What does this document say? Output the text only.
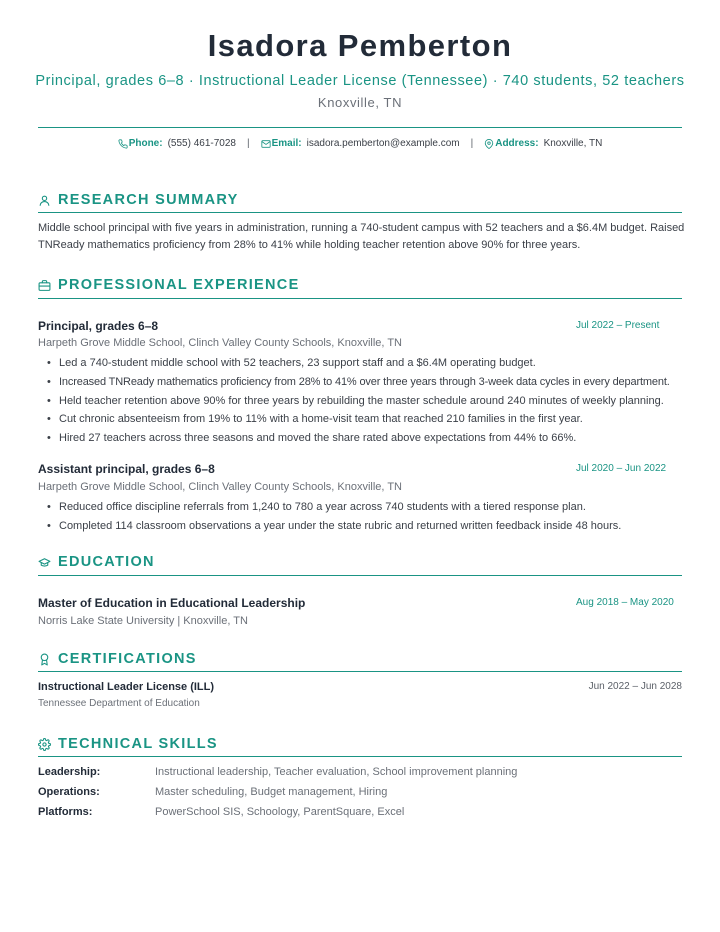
Isadora Pemberton
Principal, grades 6–8 · Instructional Leader License (Tennessee) · 740 students, 52 teachers
Knoxville, TN
Phone: (555) 461-7028 | Email: isadora.pemberton@example.com | Address: Knoxville, TN
RESEARCH SUMMARY
Middle school principal with five years in administration, running a 740-student campus with 52 teachers and a $6.4M budget. Raised TNReady mathematics proficiency from 28% to 41% while holding teacher retention above 90% for three years.
PROFESSIONAL EXPERIENCE
Principal, grades 6–8	Jul 2022 – Present
Harpeth Grove Middle School, Clinch Valley County Schools, Knoxville, TN
• Led a 740-student middle school with 52 teachers, 23 support staff and a $6.4M operating budget.
• Increased TNReady mathematics proficiency from 28% to 41% over three years through 3-week data cycles in every department.
• Held teacher retention above 90% for three years by rebuilding the master schedule around 240 minutes of weekly planning.
• Cut chronic absenteeism from 19% to 11% with a home-visit team that reached 210 families in the first year.
• Hired 27 teachers across three seasons and moved the share rated above expectations from 44% to 66%.
Assistant principal, grades 6–8	Jul 2020 – Jun 2022
Harpeth Grove Middle School, Clinch Valley County Schools, Knoxville, TN
• Reduced office discipline referrals from 1,240 to 780 a year across 740 students with a tiered response plan.
• Completed 114 classroom observations a year under the state rubric and returned written feedback inside 48 hours.
EDUCATION
Master of Education in Educational Leadership	Aug 2018 – May 2020
Norris Lake State University | Knoxville, TN
CERTIFICATIONS
Instructional Leader License (ILL)	Jun 2022 – Jun 2028
Tennessee Department of Education
TECHNICAL SKILLS
Leadership:	Instructional leadership, Teacher evaluation, School improvement planning
Operations:	Master scheduling, Budget management, Hiring
Platforms:	PowerSchool SIS, Schoology, ParentSquare, Excel
